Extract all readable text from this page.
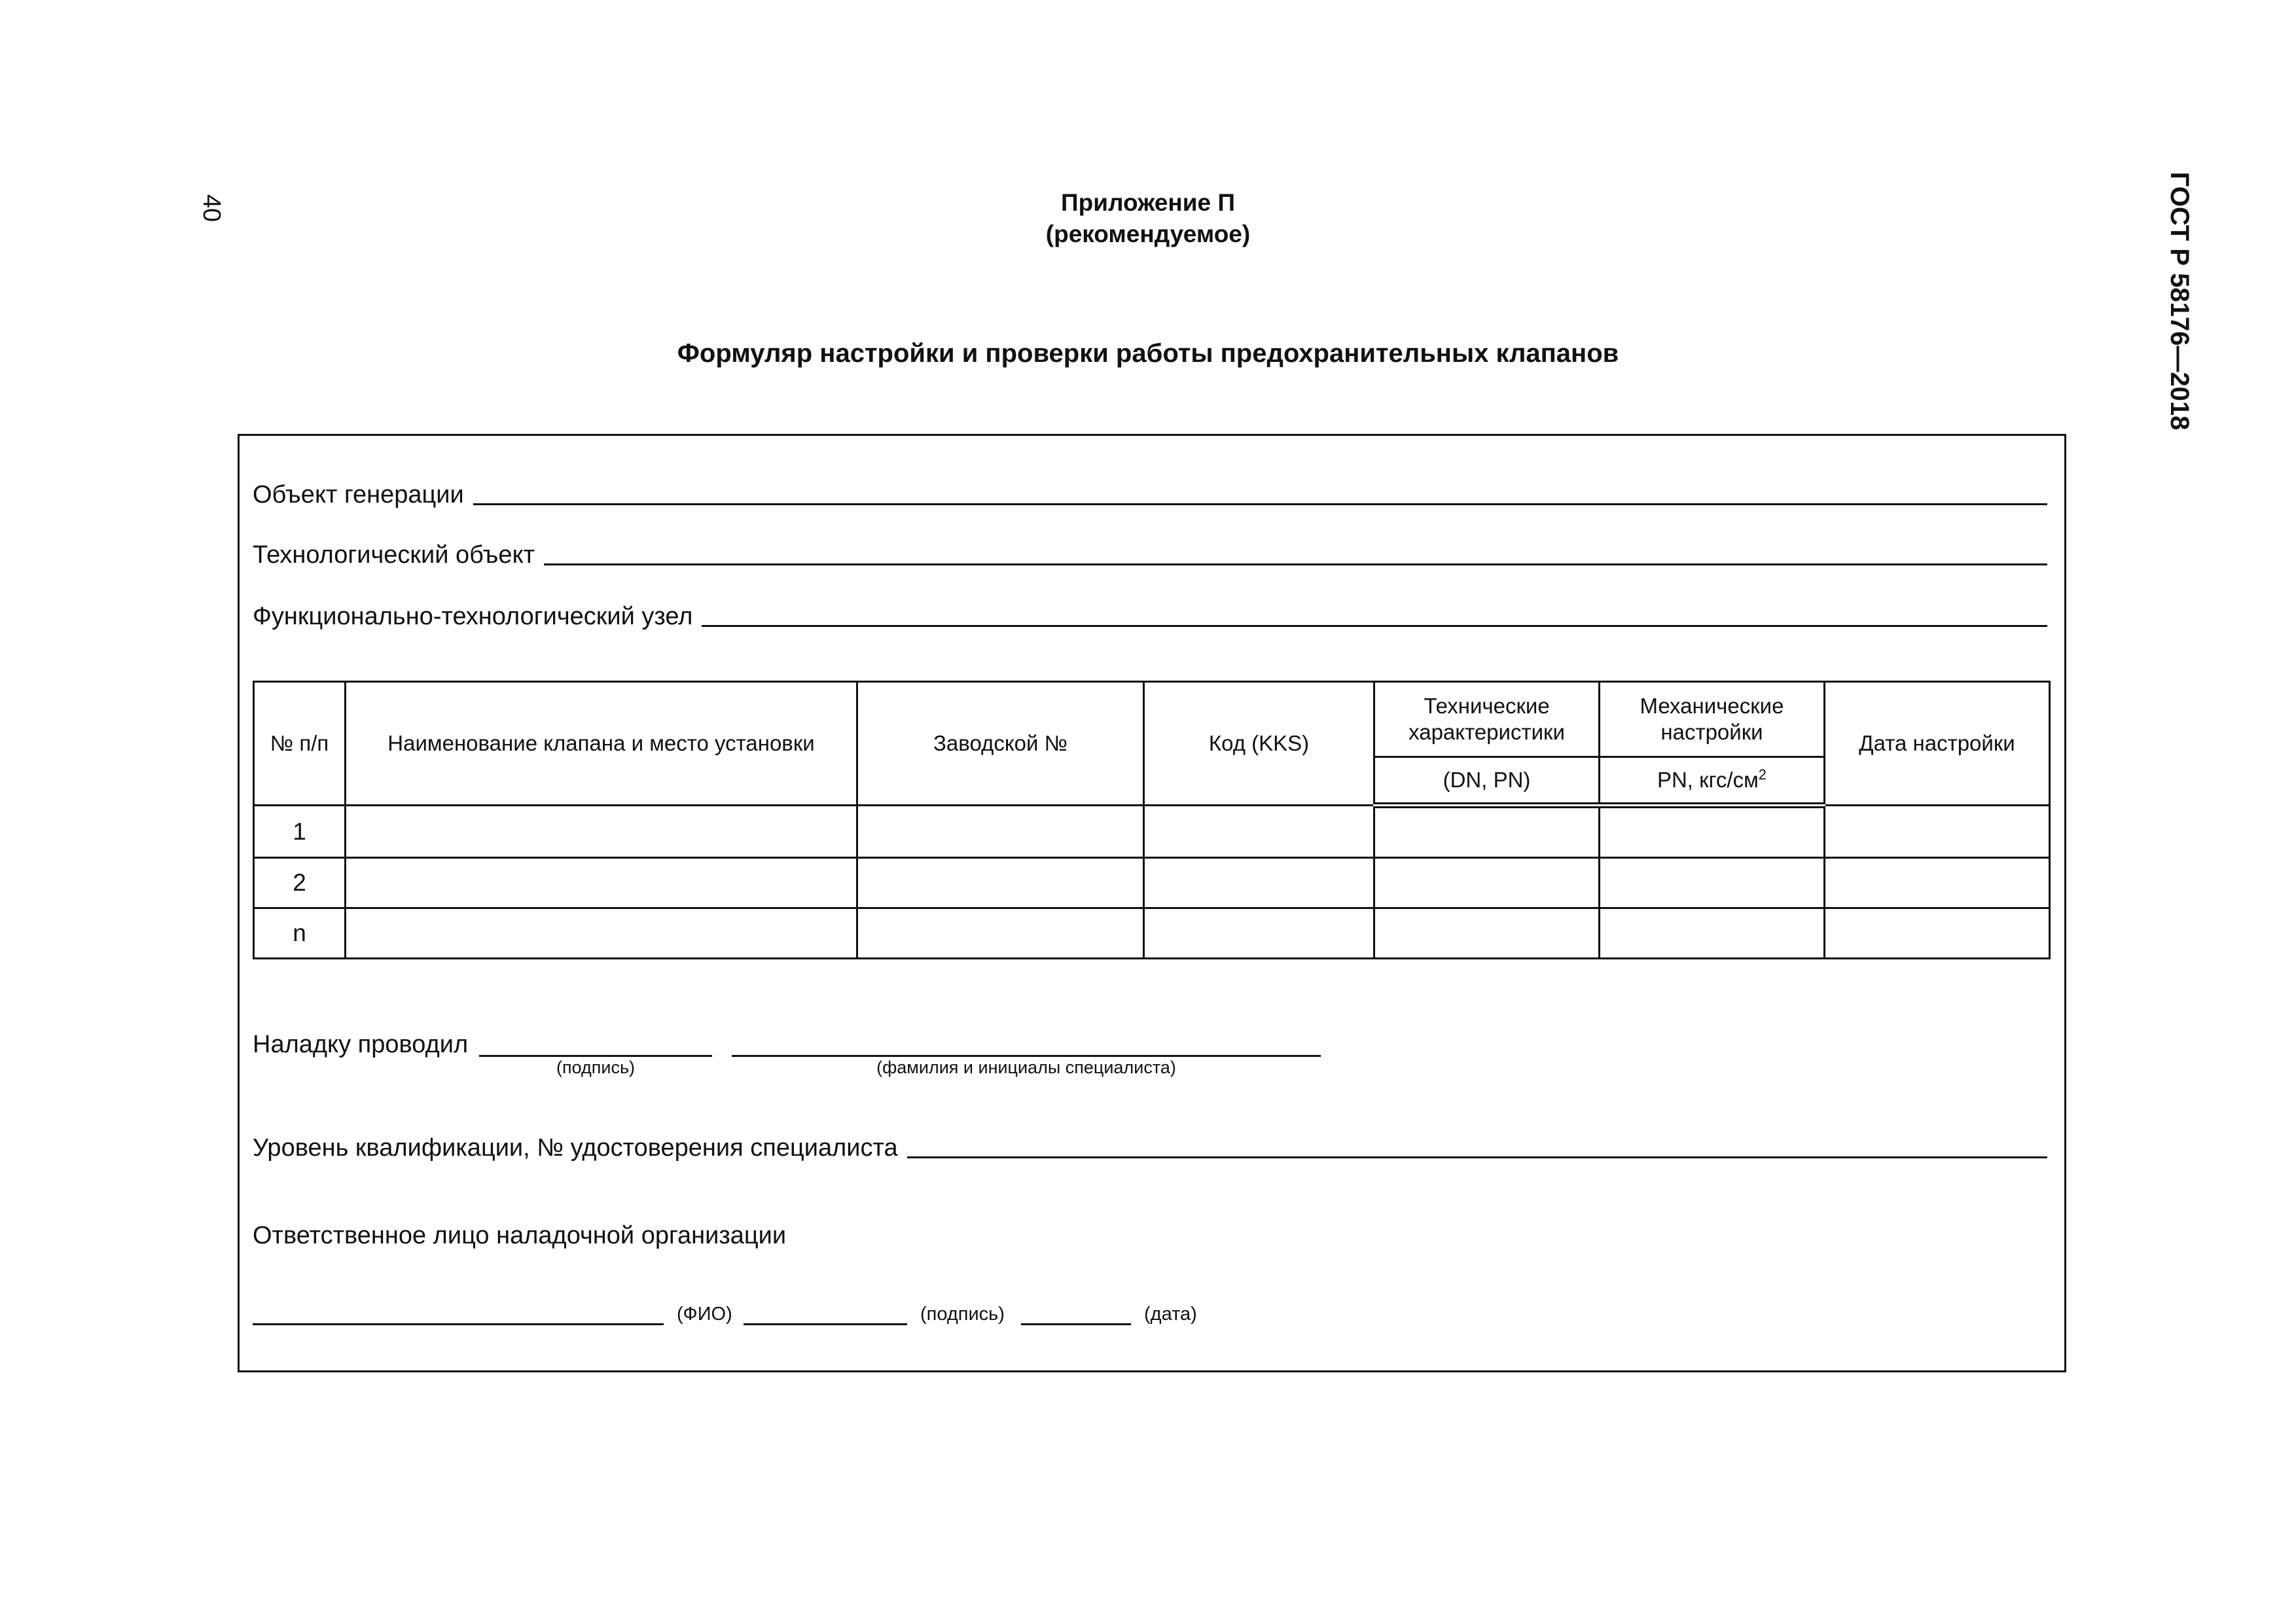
40	ГОСТ Р 58176—2018
Приложение П
(рекомендуемое)
Формуляр настройки и проверки работы предохранительных клапанов
Объект генерации
Технологический объект
Функционально-технологический узел
№ п/п	Наименование клапана и место установки	Заводской №	Код (KKS)	Технические характеристики	Механические настройки	Дата настройки
				(DN, PN)	PN, кгс/$см^2$
1						
2						
n						
Наладку проводил
(подпись)	(фамилия и инициалы специалиста)
Уровень квалификации, № удостоверения специалиста
Ответственное лицо наладочной организации
(ФИО)	(подпись)	(дата)
